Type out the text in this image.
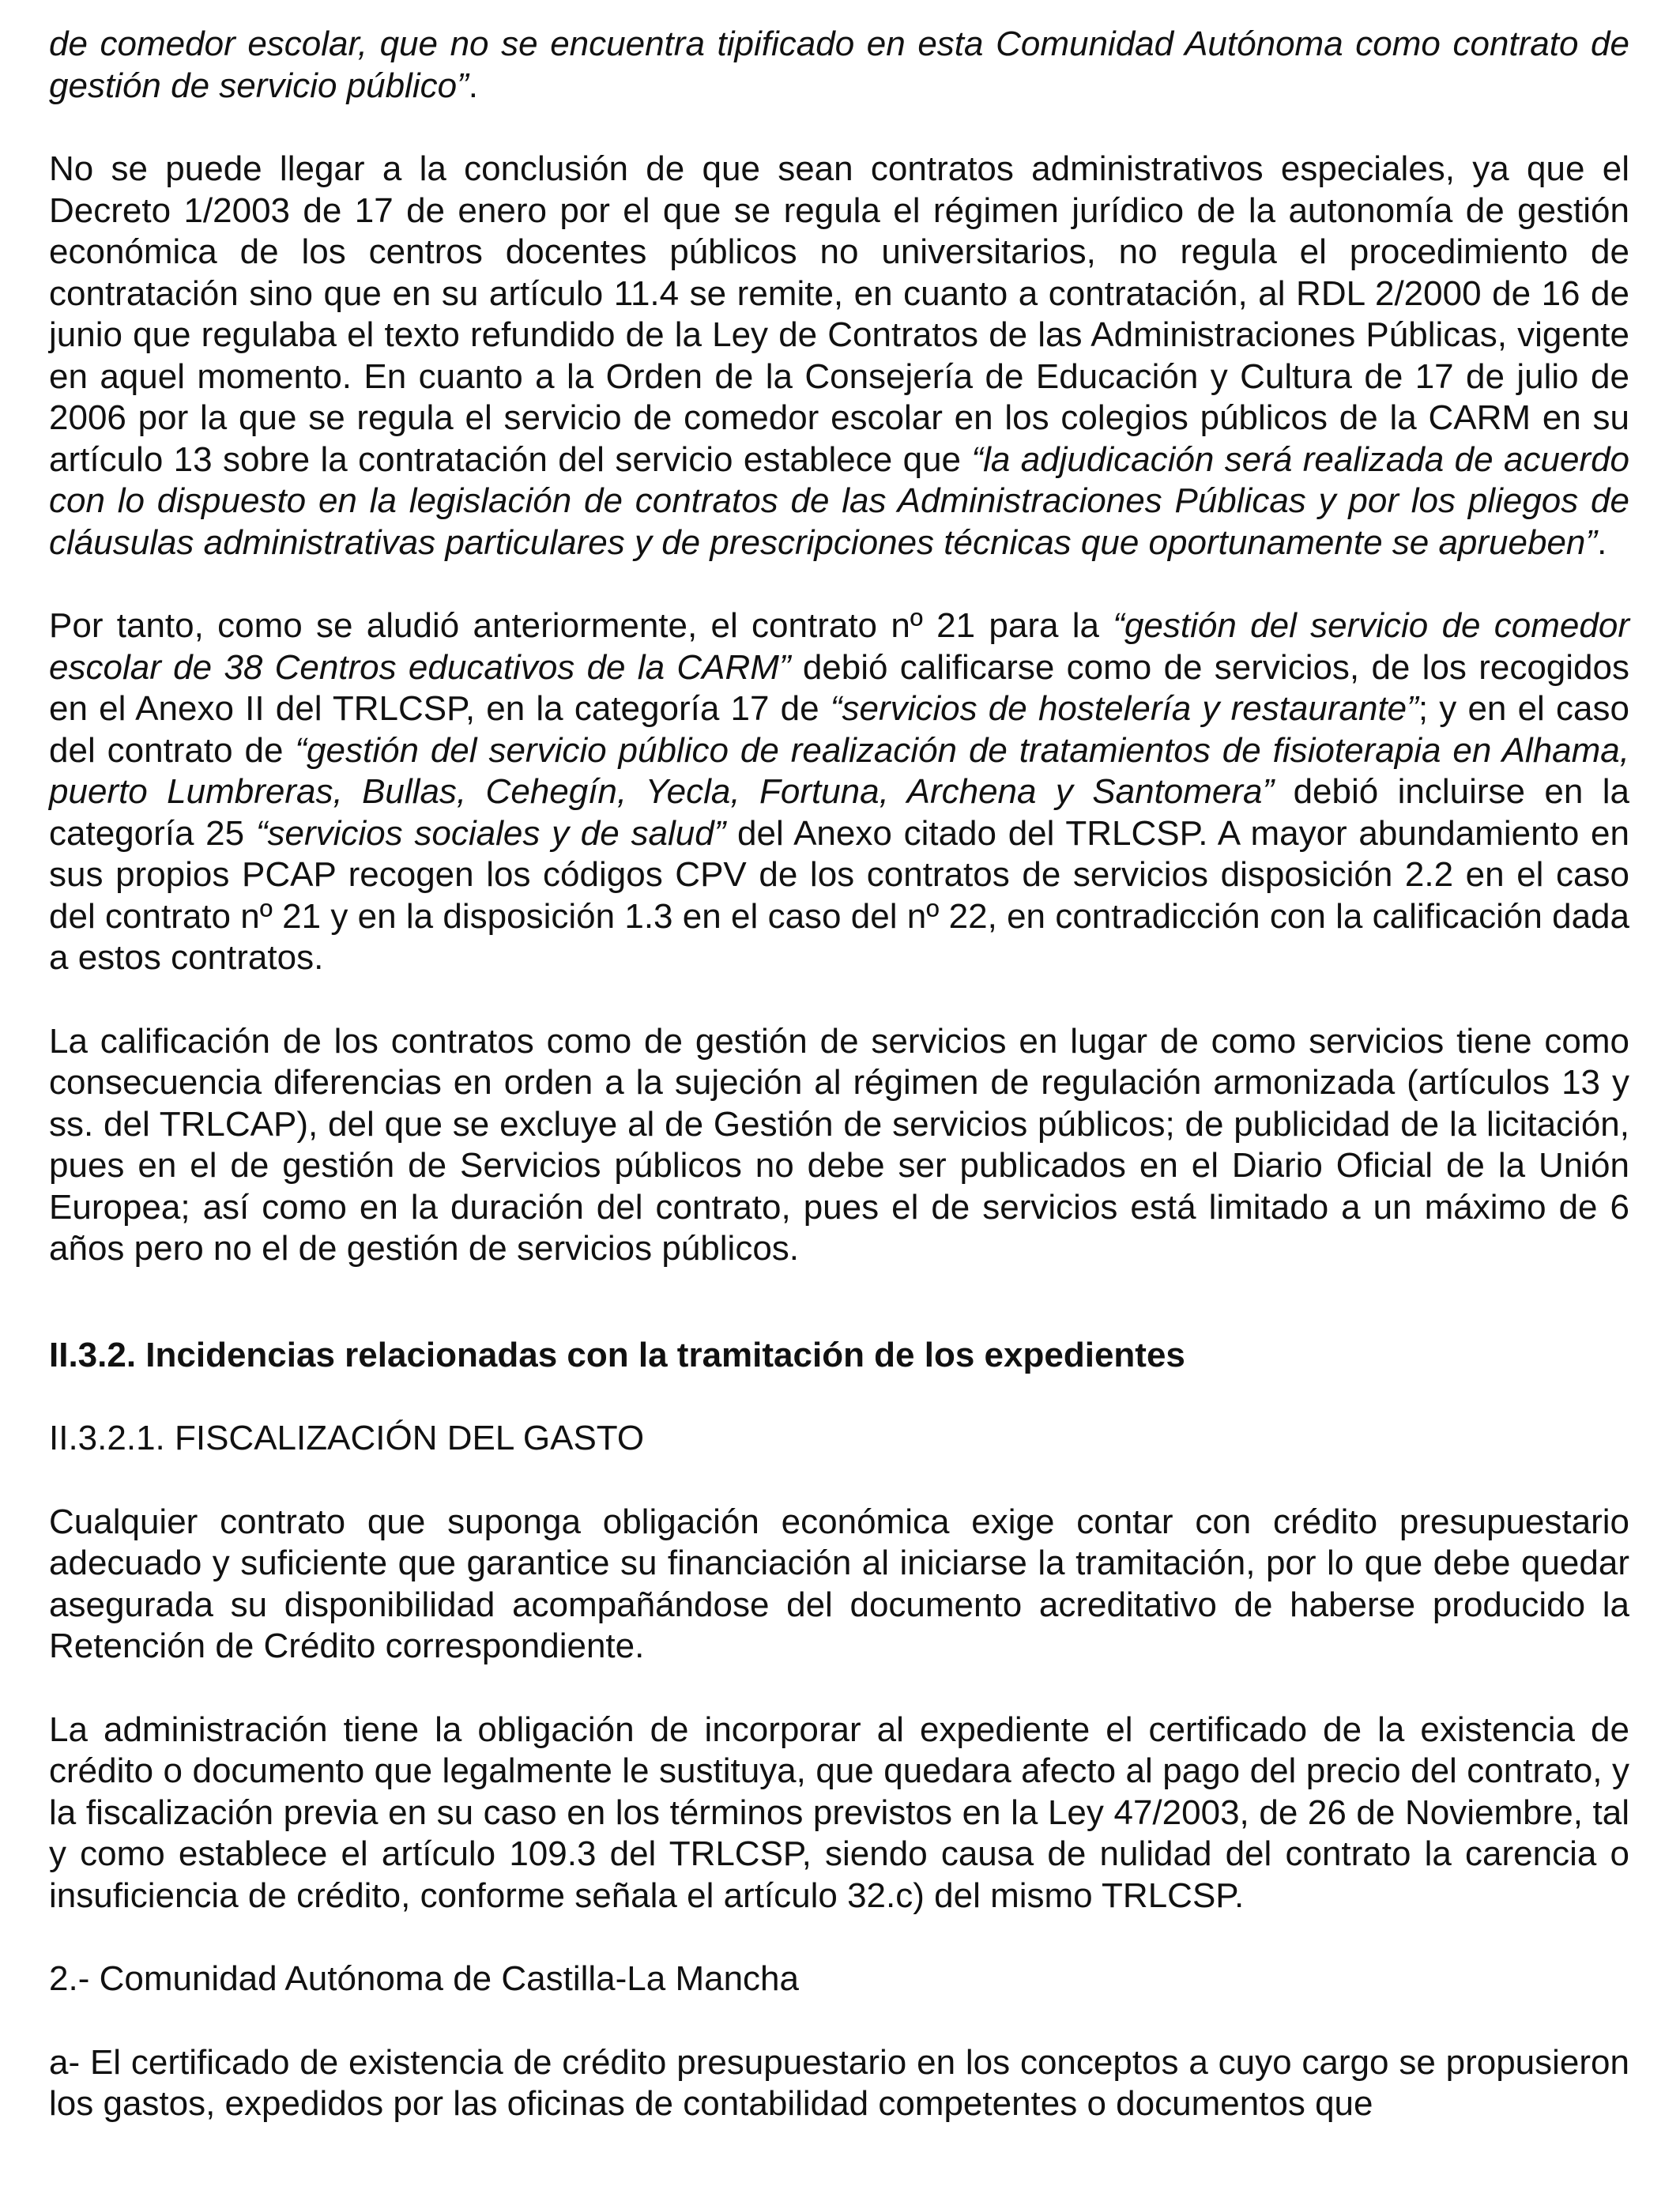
de comedor escolar, que no se encuentra tipificado en esta Comunidad Autónoma como contrato de gestión de servicio público”.

No se puede llegar a la conclusión de que sean contratos administrativos especiales, ya que el Decreto 1/2003 de 17 de enero por el que se regula el régimen jurídico de la autonomía de gestión económica de los centros docentes públicos no universitarios, no regula el procedimiento de contratación sino que en su artículo 11.4 se remite, en cuanto a contratación, al RDL 2/2000 de 16 de junio que regulaba el texto refundido de la Ley de Contratos de las Administraciones Públicas, vigente en aquel momento. En cuanto a la Orden de la Consejería de Educación y Cultura de 17 de julio de 2006 por la que se regula el servicio de comedor escolar en los colegios públicos de la CARM en su artículo 13 sobre la contratación del servicio establece que “la adjudicación será realizada de acuerdo con lo dispuesto en la legislación de contratos de las Administraciones Públicas y por los pliegos de cláusulas administrativas particulares y de prescripciones técnicas que oportunamente se aprueben”.

Por tanto, como se aludió anteriormente, el contrato nº 21 para la “gestión del servicio de comedor escolar de 38 Centros educativos de la CARM” debió calificarse como de servicios, de los recogidos en el Anexo II del TRLCSP, en la categoría 17 de “servicios de hostelería y restaurante”; y en el caso del contrato de “gestión del servicio público de realización de tratamientos de fisioterapia en Alhama, puerto Lumbreras, Bullas, Cehegín, Yecla, Fortuna, Archena y Santomera” debió incluirse en la categoría 25 “servicios sociales y de salud” del Anexo citado del TRLCSP. A mayor abundamiento en sus propios PCAP recogen los códigos CPV de los contratos de servicios disposición 2.2 en el caso del contrato nº 21 y en la disposición 1.3 en el caso del nº 22, en contradicción con la calificación dada a estos contratos.

La calificación de los contratos como de gestión de servicios en lugar de como servicios tiene como consecuencia diferencias en orden a la sujeción al régimen de regulación armonizada (artículos 13 y ss. del TRLCAP), del que se excluye al de Gestión de servicios públicos; de publicidad de la licitación, pues en el de gestión de Servicios públicos no debe ser publicados en el Diario Oficial de la Unión Europea; así como en la duración del contrato, pues el de servicios está limitado a un máximo de 6 años pero no el de gestión de servicios públicos.

II.3.2. Incidencias relacionadas con la tramitación de los expedientes

II.3.2.1. FISCALIZACIÓN DEL GASTO

Cualquier contrato que suponga obligación económica exige contar con crédito presupuestario adecuado y suficiente que garantice su financiación al iniciarse la tramitación, por lo que debe quedar asegurada su disponibilidad acompañándose del documento acreditativo de haberse producido la Retención de Crédito correspondiente.

La administración tiene la obligación de incorporar al expediente el certificado de la existencia de crédito o documento que legalmente le sustituya, que quedara afecto al pago del precio del contrato, y la fiscalización previa en su caso en los términos previstos en la Ley 47/2003, de 26 de Noviembre, tal y como establece el artículo 109.3 del TRLCSP, siendo causa de nulidad del contrato la carencia o insuficiencia de crédito, conforme señala el artículo 32.c) del mismo TRLCSP.

2.- Comunidad Autónoma de Castilla-La Mancha

a- El certificado de existencia de crédito presupuestario en los conceptos a cuyo cargo se propusieron los gastos, expedidos por las oficinas de contabilidad competentes o documentos que
